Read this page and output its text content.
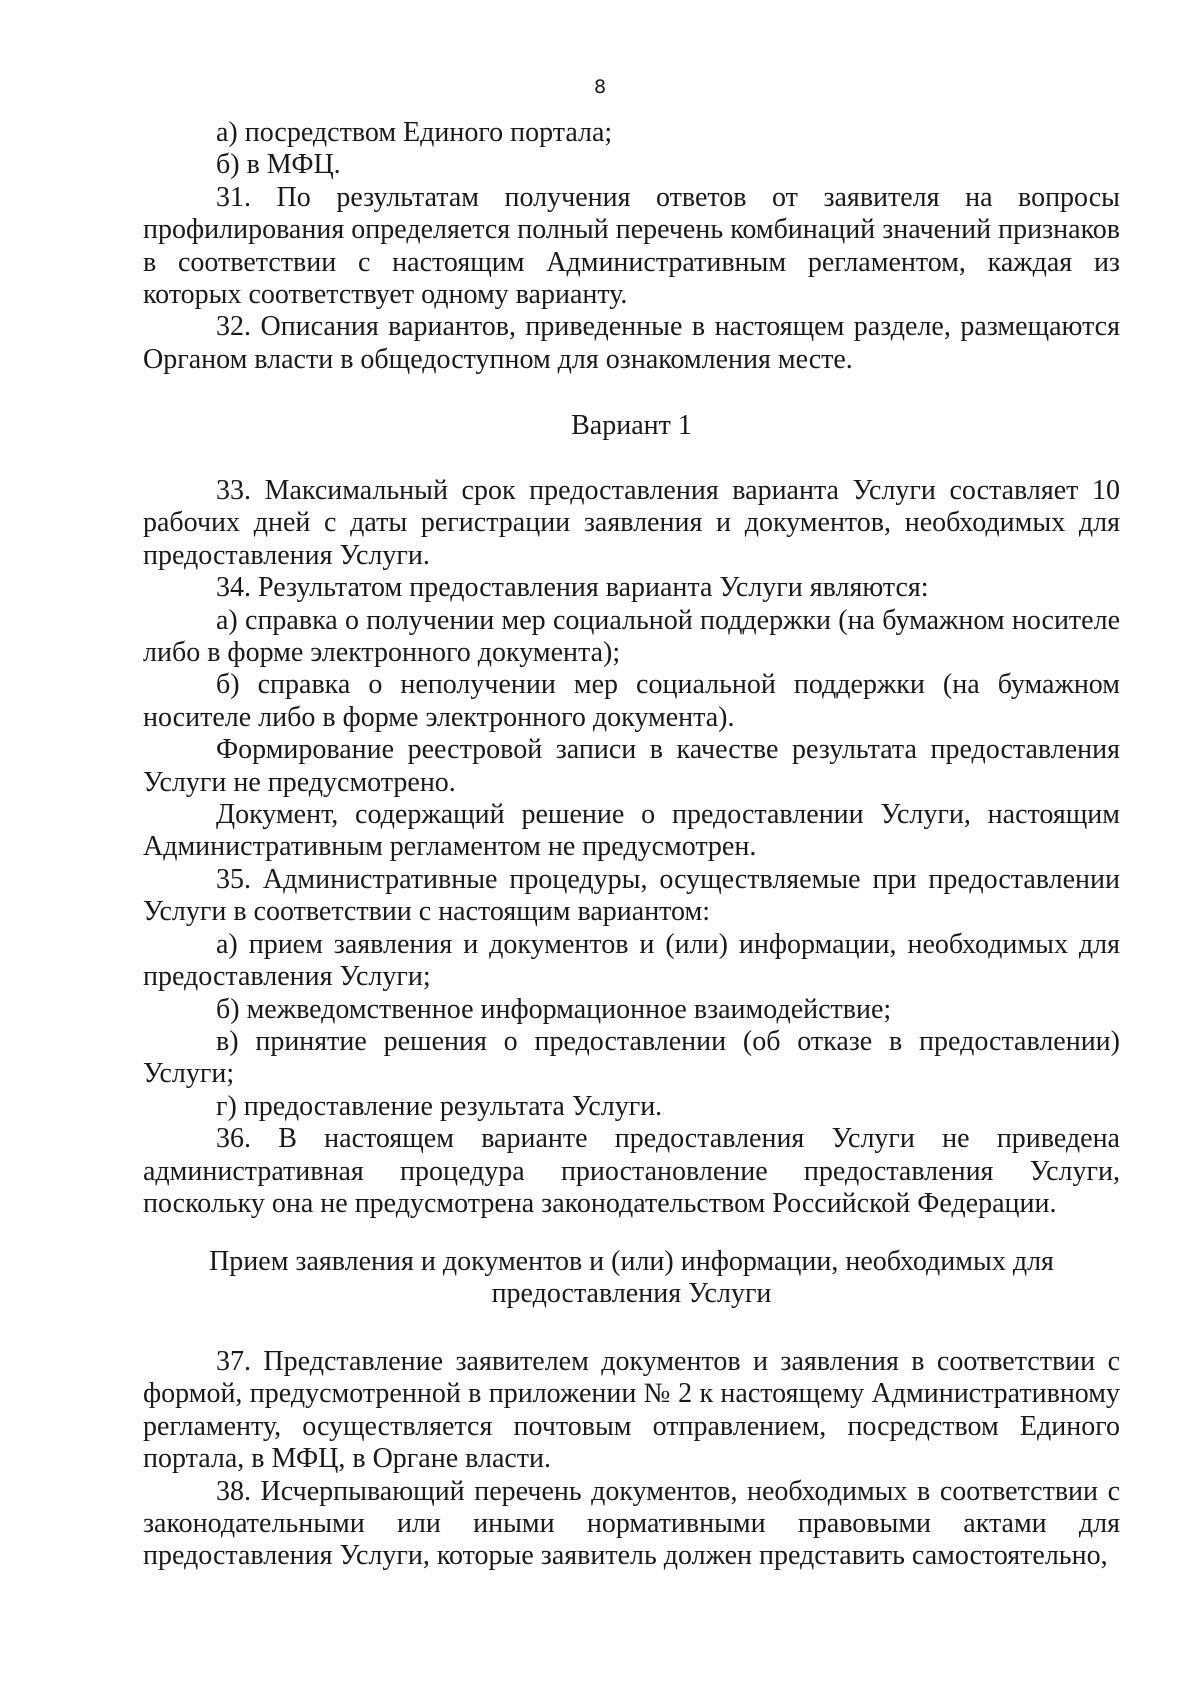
8

а) посредством Единого портала;

б) в МФЦ.

31. По результатам получения ответов от заявителя на вопросы профилирования определяется полный перечень комбинаций значений признаков в соответствии с настоящим Административным регламентом, каждая из которых соответствует одному варианту.

32. Описания вариантов, приведенные в настоящем разделе, размещаются Органом власти в общедоступном для ознакомления месте.

Вариант 1

33. Максимальный срок предоставления варианта Услуги составляет 10 рабочих дней с даты регистрации заявления и документов, необходимых для предоставления Услуги.

34. Результатом предоставления варианта Услуги являются:

а) справка о получении мер социальной поддержки (на бумажном носителе либо в форме электронного документа);

б) справка о неполучении мер социальной поддержки (на бумажном носителе либо в форме электронного документа).

Формирование реестровой записи в качестве результата предоставления Услуги не предусмотрено.

Документ, содержащий решение о предоставлении Услуги, настоящим Административным регламентом не предусмотрен.

35. Административные процедуры, осуществляемые при предоставлении Услуги в соответствии с настоящим вариантом:

а) прием заявления и документов и (или) информации, необходимых для предоставления Услуги;

б) межведомственное информационное взаимодействие;

в) принятие решения о предоставлении (об отказе в предоставлении) Услуги;

г) предоставление результата Услуги.

36. В настоящем варианте предоставления Услуги не приведена административная процедура приостановление предоставления Услуги, поскольку она не предусмотрена законодательством Российской Федерации.

Прием заявления и документов и (или) информации, необходимых для

предоставления Услуги

37. Представление заявителем документов и заявления в соответствии с формой, предусмотренной в приложении № 2 к настоящему Административному регламенту, осуществляется почтовым отправлением, посредством Единого портала, в МФЦ, в Органе власти.

38. Исчерпывающий перечень документов, необходимых в соответствии с законодательными или иными нормативными правовыми актами для предоставления Услуги, которые заявитель должен представить самостоятельно,
